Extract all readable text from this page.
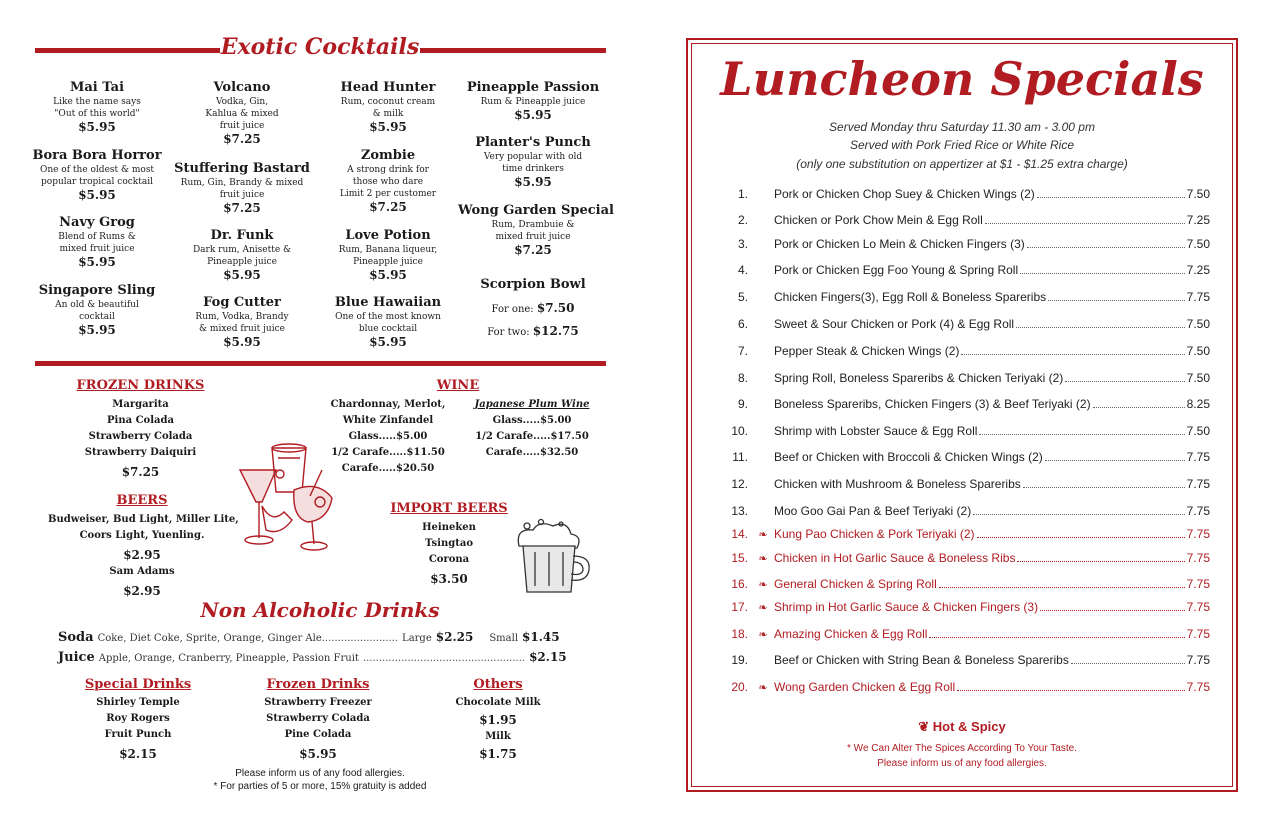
Exotic Cocktails
Mai Tai
Like the name says
"Out of this world"
$5.95
Bora Bora Horror
One of the oldest & most
popular tropical cocktail
$5.95
Navy Grog
Blend of Rums &
mixed fruit juice
$5.95
Singapore Sling
An old & beautiful
cocktail
$5.95
Volcano
Vodka, Gin,
Kahlua & mixed
fruit juice
$7.25
Stuffering Bastard
Rum, Gin, Brandy & mixed
fruit juice
$7.25
Dr. Funk
Dark rum, Anisette &
Pineapple juice
$5.95
Fog Cutter
Rum, Vodka, Brandy
& mixed fruit juice
$5.95
Head Hunter
Rum, coconut cream
& milk
$5.95
Zombie
A strong drink for
those who dare
Limit 2 per customer
$7.25
Love Potion
Rum, Banana liqueur,
Pineapple juice
$5.95
Blue Hawaiian
One of the most known
blue cocktail
$5.95
Pineapple Passion
Rum & Pineapple juice
$5.95
Planter's Punch
Very popular with old
time drinkers
$5.95
Wong Garden Special
Rum, Drambuie &
mixed fruit juice
$7.25
Scorpion Bowl
For one: $7.50
For two: $12.75
FROZEN DRINKS
Margarita
Pina Colada
Strawberry Colada
Strawberry Daiquiri
$7.25
BEERS
Budweiser, Bud Light, Miller Lite,
Coors Light, Yuenling.
$2.95
Sam Adams
$2.95
WINE
Chardonnay, Merlot,
White Zinfandel
Glass.....$5.00
1/2 Carafe.....$11.50
Carafe.....$20.50
Japanese Plum Wine
Glass.....$5.00
1/2 Carafe.....$17.50
Carafe.....$32.50
IMPORT BEERS
Heineken
Tsingtao
Corona
$3.50
Non Alcoholic Drinks
Soda Coke, Diet Coke, Sprite, Orange, Ginger Ale ........................ Large $2.25 Small $1.45
Juice Apple, Orange, Cranberry, Pineapple, Passion Fruit ................................................... $2.15
Special Drinks
Shirley Temple
Roy Rogers
Fruit Punch
$2.15
Frozen Drinks
Strawberry Freezer
Strawberry Colada
Pine Colada
$5.95
Others
Chocolate Milk
$1.95
Milk
$1.75
Please inform us of any food allergies.
* For parties of 5 or more, 15% gratuity is added
Luncheon Specials
Served Monday thru Saturday 11.30 am - 3.00 pm
Served with Pork Fried Rice or White Rice
(only one substitution on appertizer at $1 - $1.25 extra charge)
1. Pork or Chicken Chop Suey & Chicken Wings (2)	7.50
2. Chicken or Pork Chow Mein & Egg Roll	7.25
3. Pork or Chicken Lo Mein & Chicken Fingers (3)	7.50
4. Pork or Chicken Egg Foo Young & Spring Roll	7.25
5. Chicken Fingers(3), Egg Roll & Boneless Spareribs	7.75
6. Sweet & Sour Chicken or Pork (4) & Egg Roll	7.50
7. Pepper Steak & Chicken Wings (2)	7.50
8. Spring Roll, Boneless Spareribs & Chicken Teriyaki (2)	7.50
9. Boneless Spareribs, Chicken Fingers (3) & Beef Teriyaki (2)	8.25
10. Shrimp with Lobster Sauce & Egg Roll	7.50
11. Beef or Chicken with Broccoli & Chicken Wings (2)	7.75
12. Chicken with Mushroom & Boneless Spareribs	7.75
13. Moo Goo Gai Pan & Beef Teriyaki (2)	7.75
14. ❧ Kung Pao Chicken & Pork Teriyaki (2)	7.75
15. ❧ Chicken in Hot Garlic Sauce & Boneless Ribs	7.75
16. ❧ General Chicken & Spring Roll	7.75
17. ❧ Shrimp in Hot Garlic Sauce & Chicken Fingers (3)	7.75
18. ❧ Amazing Chicken & Egg Roll	7.75
19. Beef or Chicken with String Bean & Boneless Spareribs	7.75
20. ❧ Wong Garden Chicken & Egg Roll	7.75
❦ Hot & Spicy
* We Can Alter The Spices According To Your Taste.
Please inform us of any food allergies.
